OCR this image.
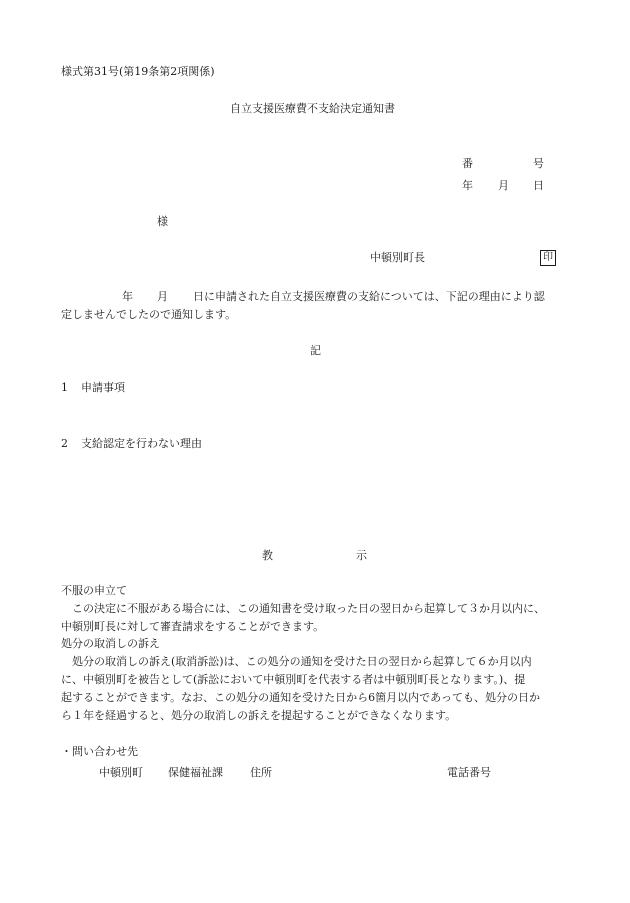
様式第31号(第19条第2項関係)
自立支援医療費不支給決定通知書
番	号
年 月 日
様
中頓別町長	印
年 月 日に申請された自立支援医療費の支給については、下記の理由により認
定しませんでしたので通知します。
記
1 申請事項
2 支給認定を行わない理由
教	示
不服の申立て
この決定に不服がある場合には、この通知書を受け取った日の翌日から起算して３か月以内に、
中頓別町長に対して審査請求をすることができます。
処分の取消しの訴え
処分の取消しの訴え(取消訴訟)は、この処分の通知を受けた日の翌日から起算して６か月以内
に、中頓別町を被告として(訴訟において中頓別町を代表する者は中頓別町長となります。)、提
起することができます。なお、この処分の通知を受けた日から6箇月以内であっても、処分の日か
ら１年を経過すると、処分の取消しの訴えを提起することができなくなります。
・問い合わせ先
中頓別町 保健福祉課 住所	電話番号
